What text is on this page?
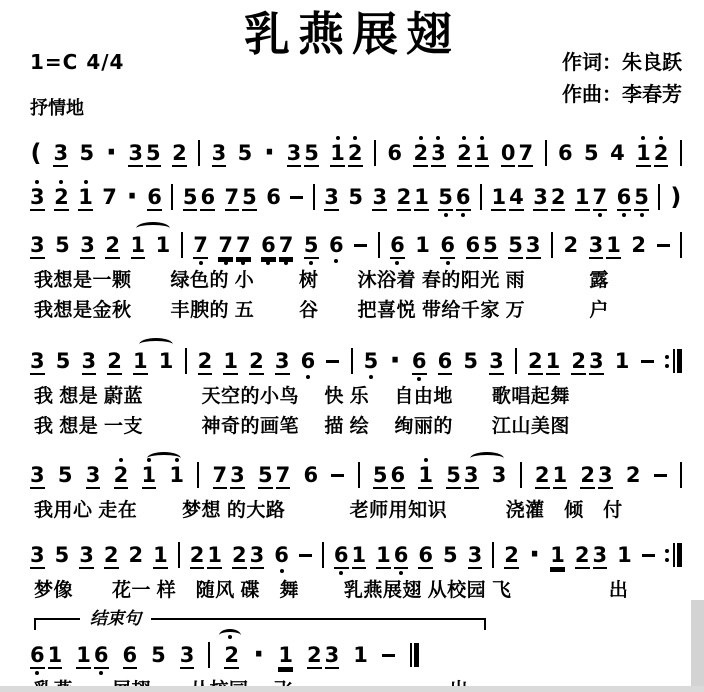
1=C 4/4
乳燕展翅
作词：朱良跃
作曲：李春芳
抒情地
( 3 5 · 3 5 2 3 5 · 3 5 1 2 6 2 3 2 1 0 7 6 5 4 1 2
3 2 1 7 · 6 5 6 7 5 6 3 5 3 2 1 5 6 1 4 3 2 1 7 6 5 )
3 5 3 2 1 1 7 7 7 6 7 5 6 6 1 6 6 5 5 3 2 3 1 2
我想是一颗　　绿色的 小　　 树　　沐浴着 春的阳光 雨　　　 露
我想是金秋　　丰腴的 五　　 谷　　把喜悦 带给千家 万　　　 户
3 5 3 2 1 1 2 1 2 3 6 5 · 6 6 5 3 2 1 2 3 1
我 想是 蔚蓝　　　天空的小鸟　 快 乐　 自由地　　歌唱起舞
我 想是 一支　　　神奇的画笔　 描 绘　 绚丽的　　江山美图
3 5 3 2 1 1 7 3 5 7 6	5 6 1 5 3 3 2 1 2 3 2
我用心 走在　　 梦想 的大路　　　 老师用知识　　　浇灌　倾　付
3 5 3 2 2 1 2 1 2 3 6 6 1 1 6 6 5 3 2 · 1 2 3 1
梦像　　花一 样　随风 碟　舞　　 乳燕展翅 从校园 飞　　　　　出
结束句
6 1 1 6 6 5 3 2 · 1 2 3 1
